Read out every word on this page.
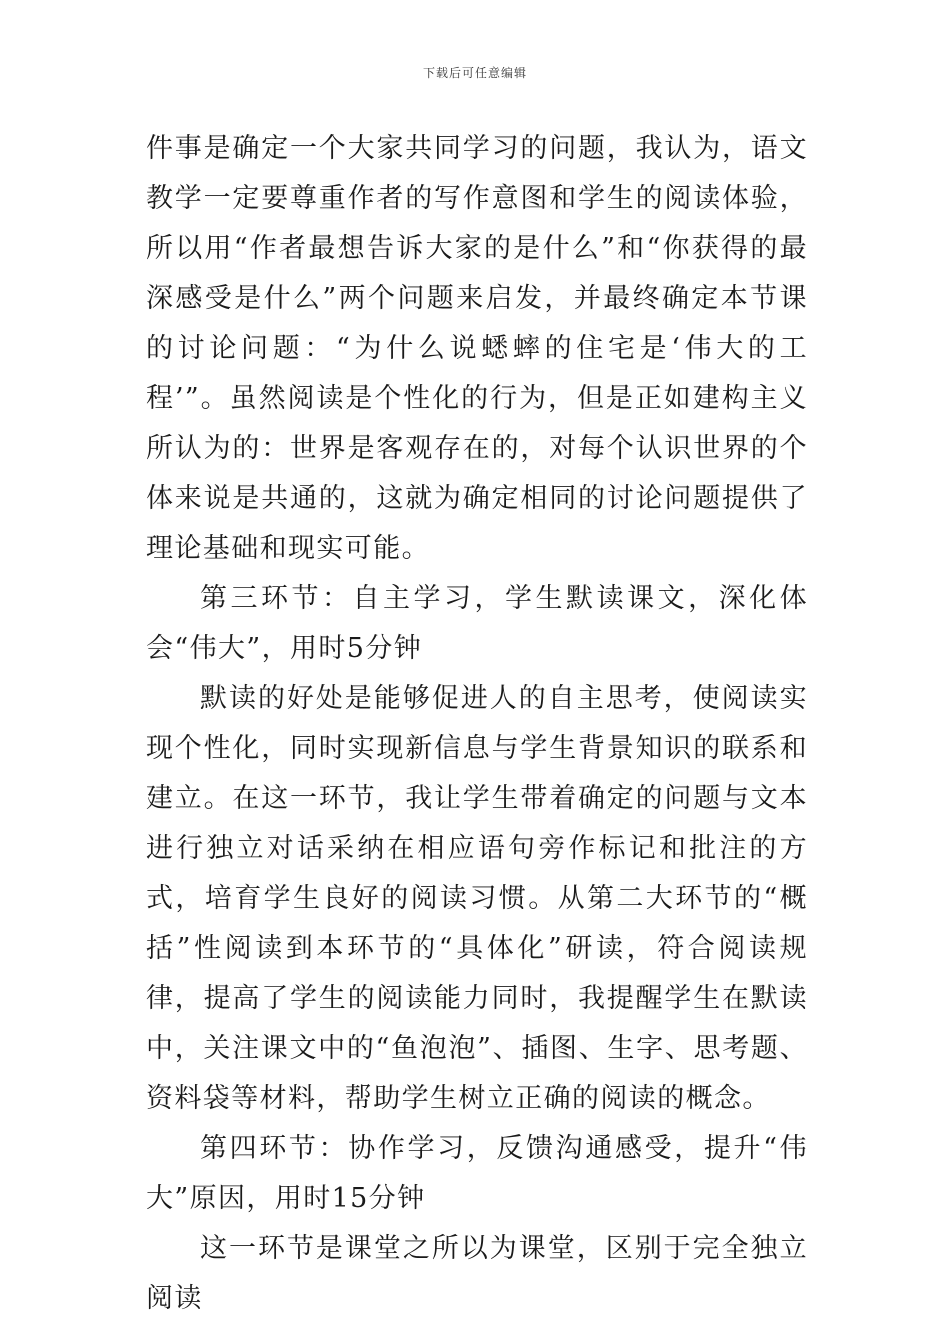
下载后可任意编辑

件事是确定一个大家共同学习的问题，我认为，语文教学一定要尊重作者的写作意图和学生的阅读体验，所以用“作者最想告诉大家的是什么”和“你获得的最深感受是什么”两个问题来启发，并最终确定本节课的讨论问题：“为什么说蟋蟀的住宅是‘伟大的工程’”。虽然阅读是个性化的行为，但是正如建构主义所认为的：世界是客观存在的，对每个认识世界的个体来说是共通的，这就为确定相同的讨论问题提供了理论基础和现实可能。

第三环节：自主学习，学生默读课文，深化体会“伟大”，用时5分钟

默读的好处是能够促进人的自主思考，使阅读实现个性化，同时实现新信息与学生背景知识的联系和建立。在这一环节，我让学生带着确定的问题与文本进行独立对话采纳在相应语句旁作标记和批注的方式，培育学生良好的阅读习惯。从第二大环节的“概括”性阅读到本环节的“具体化”研读，符合阅读规律，提高了学生的阅读能力同时，我提醒学生在默读中，关注课文中的“鱼泡泡”、插图、生字、思考题、资料袋等材料，帮助学生树立正确的阅读的概念。

第四环节：协作学习，反馈沟通感受，提升“伟大”原因，用时15分钟

这一环节是课堂之所以为课堂，区别于完全独立阅读
